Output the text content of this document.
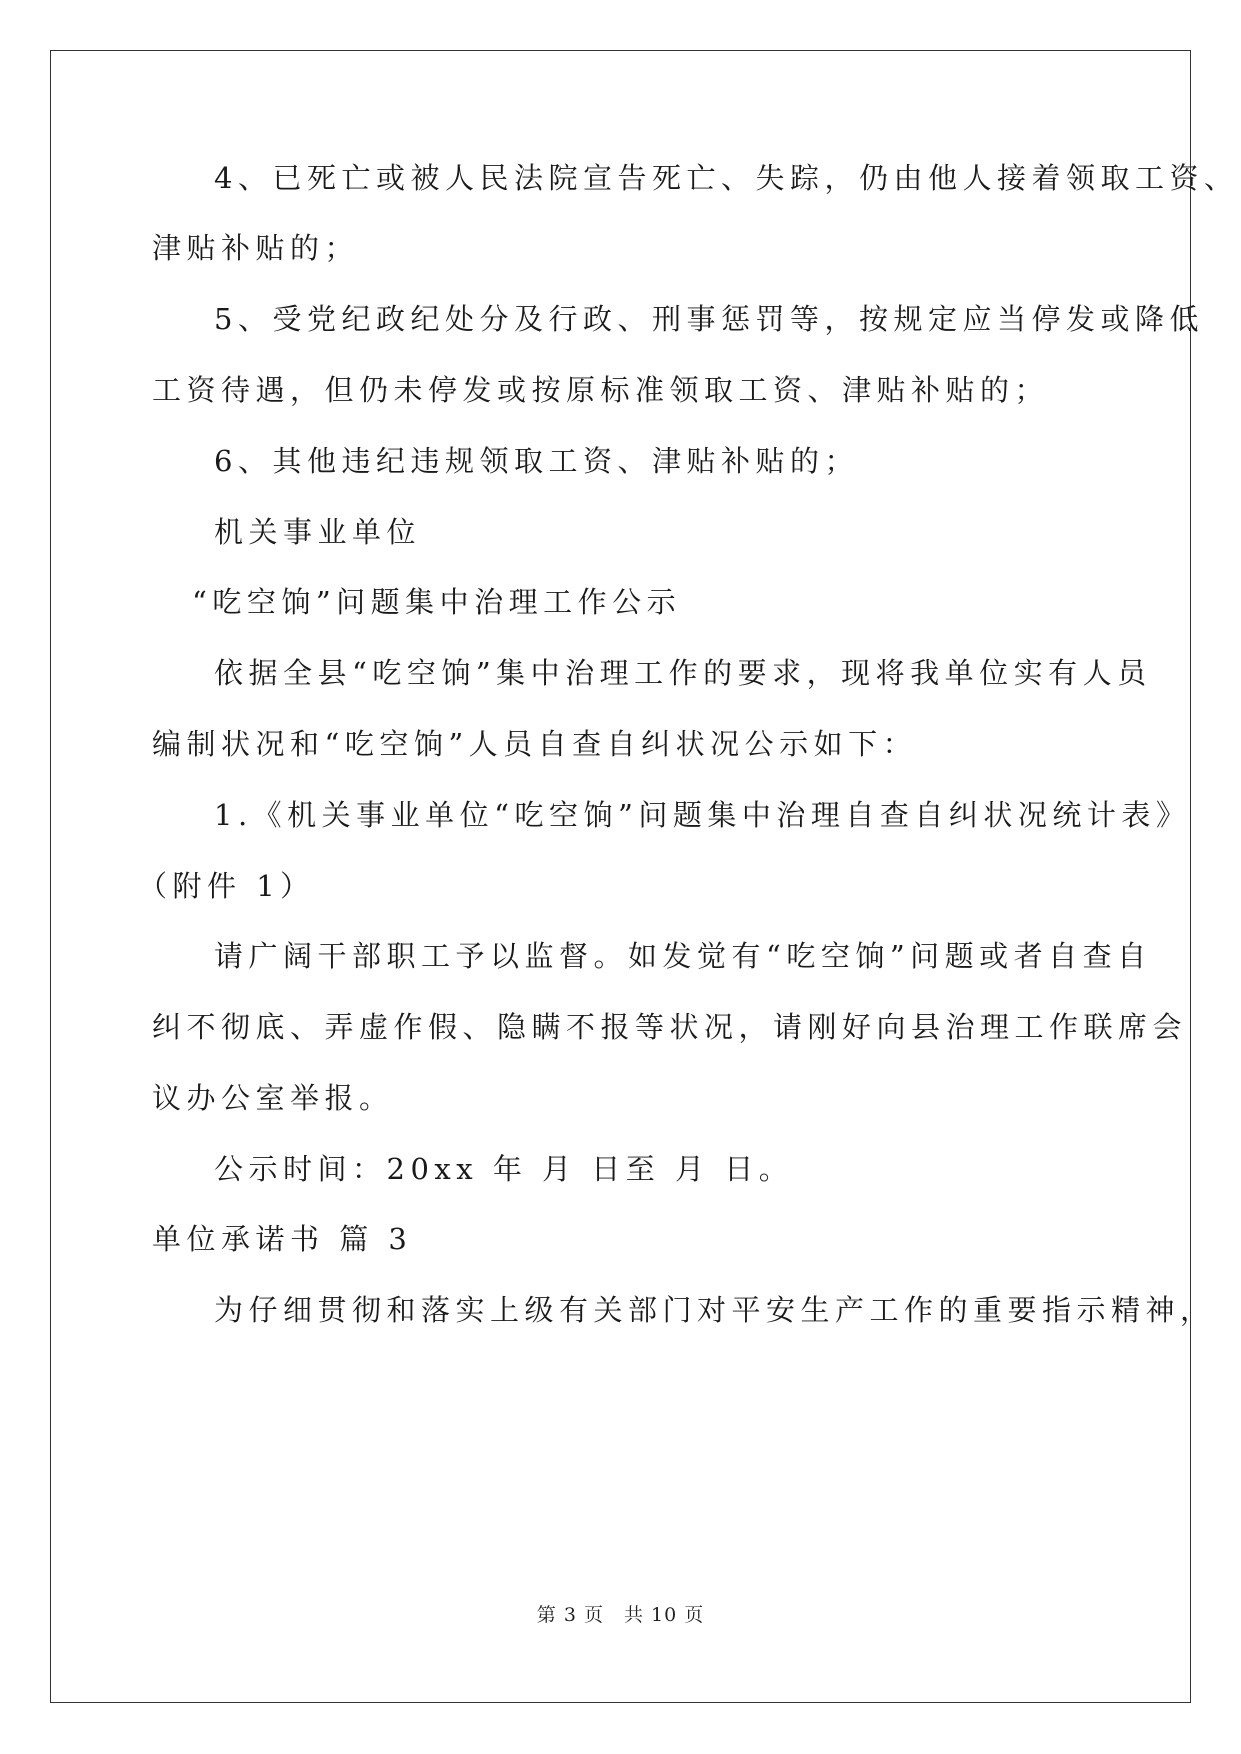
4、已死亡或被人民法院宣告死亡、失踪，仍由他人接着领取工资、
津贴补贴的；
5、受党纪政纪处分及行政、刑事惩罚等，按规定应当停发或降低
工资待遇，但仍未停发或按原标准领取工资、津贴补贴的；
6、其他违纪违规领取工资、津贴补贴的；
机关事业单位
“吃空饷”问题集中治理工作公示
依据全县“吃空饷”集中治理工作的要求，现将我单位实有人员
编制状况和“吃空饷”人员自查自纠状况公示如下：
1.《机关事业单位“吃空饷”问题集中治理自查自纠状况统计表》
（附件 1）
请广阔干部职工予以监督。如发觉有“吃空饷”问题或者自查自
纠不彻底、弄虚作假、隐瞒不报等状况，请刚好向县治理工作联席会
议办公室举报。
公示时间：20xx 年 月 日至 月 日。
单位承诺书 篇 3
为仔细贯彻和落实上级有关部门对平安生产工作的重要指示精神，
第 3 页　共 10 页
